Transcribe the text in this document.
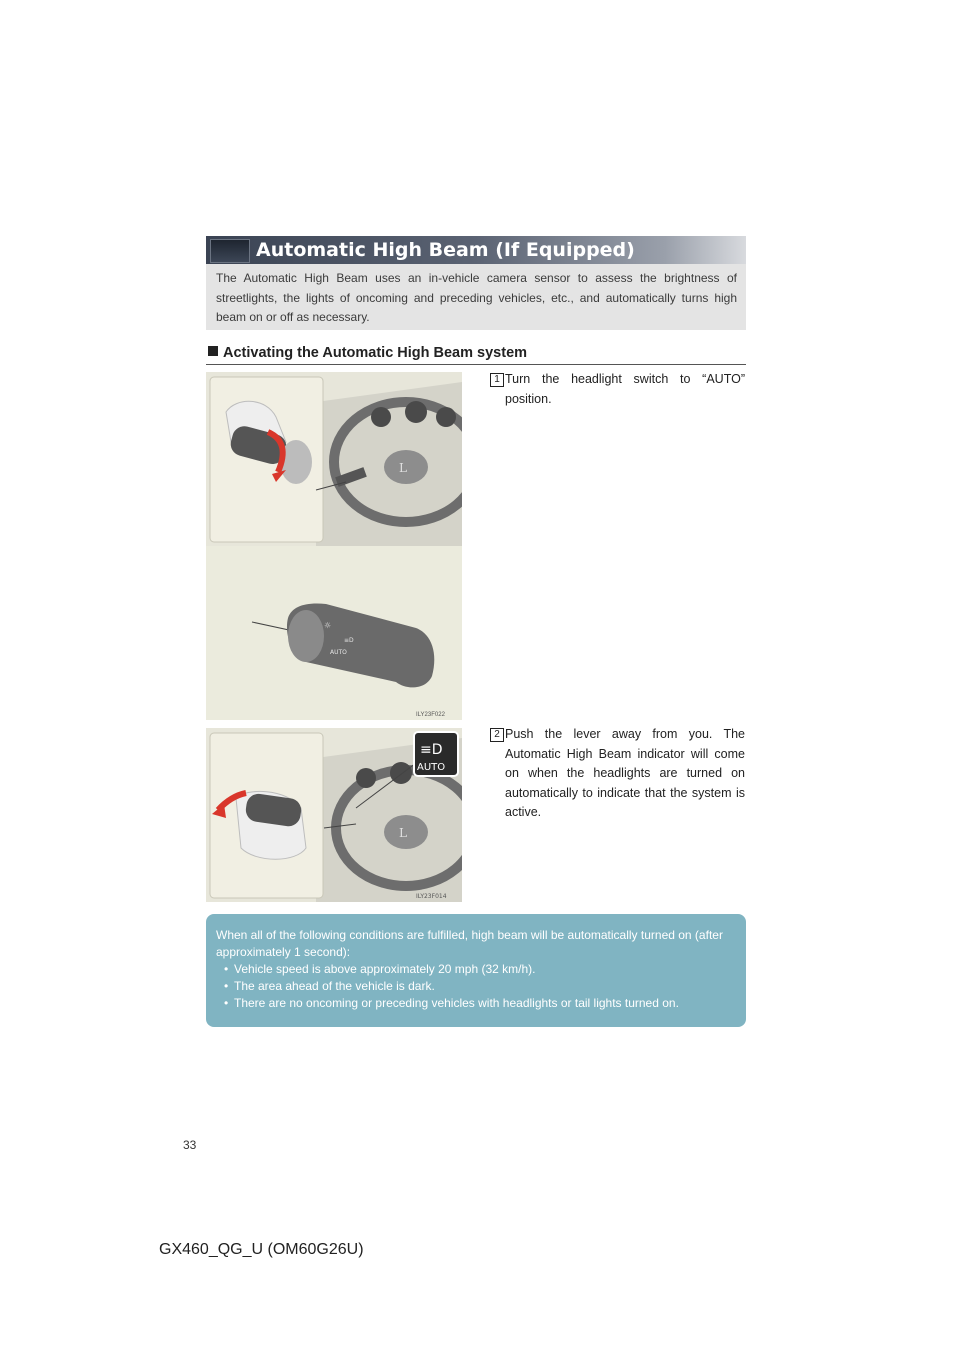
Automatic High Beam (If Equipped)
The Automatic High Beam uses an in-vehicle camera sensor to assess the brightness of streetlights, the lights of oncoming and preceding vehicles, etc., and automatically turns high beam on or off as necessary.
Activating the Automatic High Beam system
L
☼
≡D
AUTO
ILY23F022
L
≡D
AUTO
ILY23F014
1 Turn the headlight switch to “AUTO” position.
2 Push the lever away from you. The Automatic High Beam indicator will come on when the headlights are turned on automatically to indicate that the system is active.
When all of the following conditions are fulfilled, high beam will be automatically turned on (after approximately 1 second):
• Vehicle speed is above approximately 20 mph (32 km/h).
• The area ahead of the vehicle is dark.
• There are no oncoming or preceding vehicles with headlights or tail lights turned on.
33
GX460_QG_U (OM60G26U)
